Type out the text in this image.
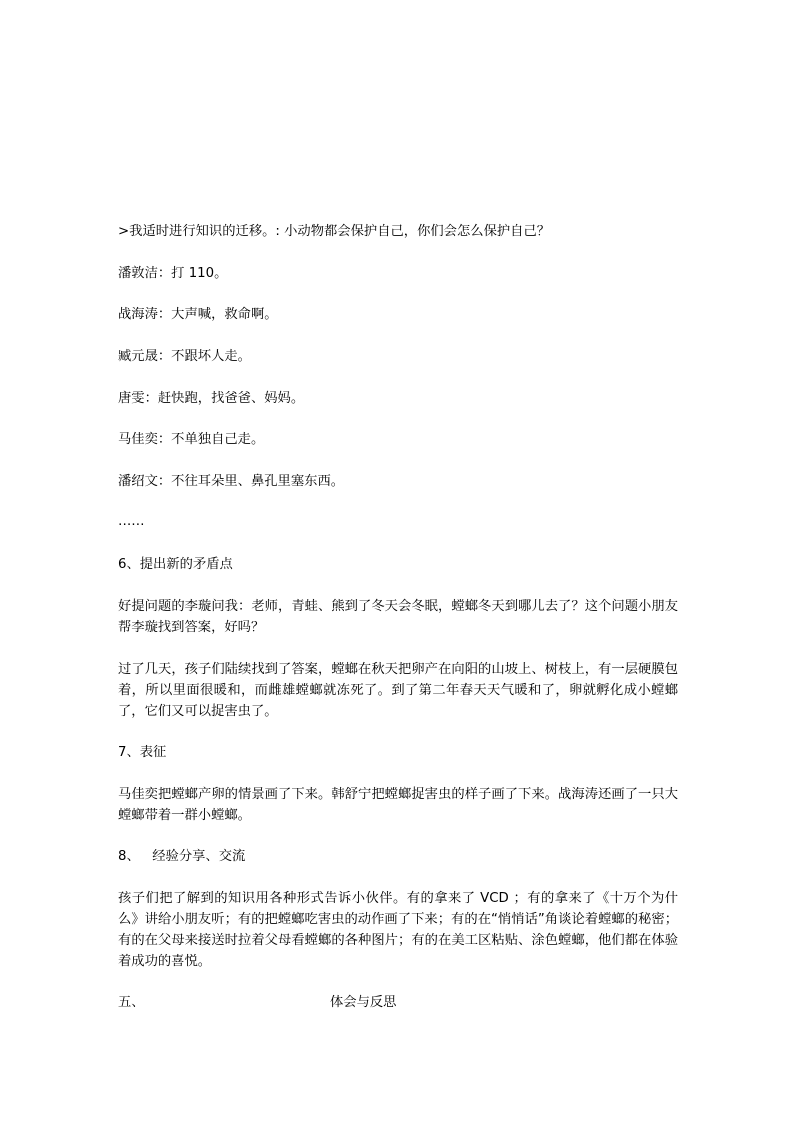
>我适时进行知识的迁移。: 小动物都会保护自己，你们会怎么保护自己？
潘敦洁：打 110。
战海涛：大声喊，救命啊。
臧元晟：不跟坏人走。
唐雯：赶快跑，找爸爸、妈妈。
马佳奕：不单独自己走。
潘绍文：不往耳朵里、鼻孔里塞东西。
……
6、提出新的矛盾点
好提问题的李璇问我：老师，青蛙、熊到了冬天会冬眠，螳螂冬天到哪儿去了？这个问题小朋友帮李璇找到答案，好吗？
过了几天，孩子们陆续找到了答案，螳螂在秋天把卵产在向阳的山坡上、树枝上，有一层硬膜包着，所以里面很暖和，而雌雄螳螂就冻死了。到了第二年春天天气暖和了，卵就孵化成小螳螂了，它们又可以捉害虫了。
7、表征
马佳奕把螳螂产卵的情景画了下来。韩舒宁把螳螂捉害虫的样子画了下来。战海涛还画了一只大螳螂带着一群小螳螂。
8、 经验分享、交流
孩子们把了解到的知识用各种形式告诉小伙伴。有的拿来了 VCD ；有的拿来了《十万个为什么》讲给小朋友听；有的把螳螂吃害虫的动作画了下来；有的在“悄悄话”角谈论着螳螂的秘密；有的在父母来接送时拉着父母看螳螂的各种图片；有的在美工区粘贴、涂色螳螂，他们都在体验着成功的喜悦。
五、	体会与反思
